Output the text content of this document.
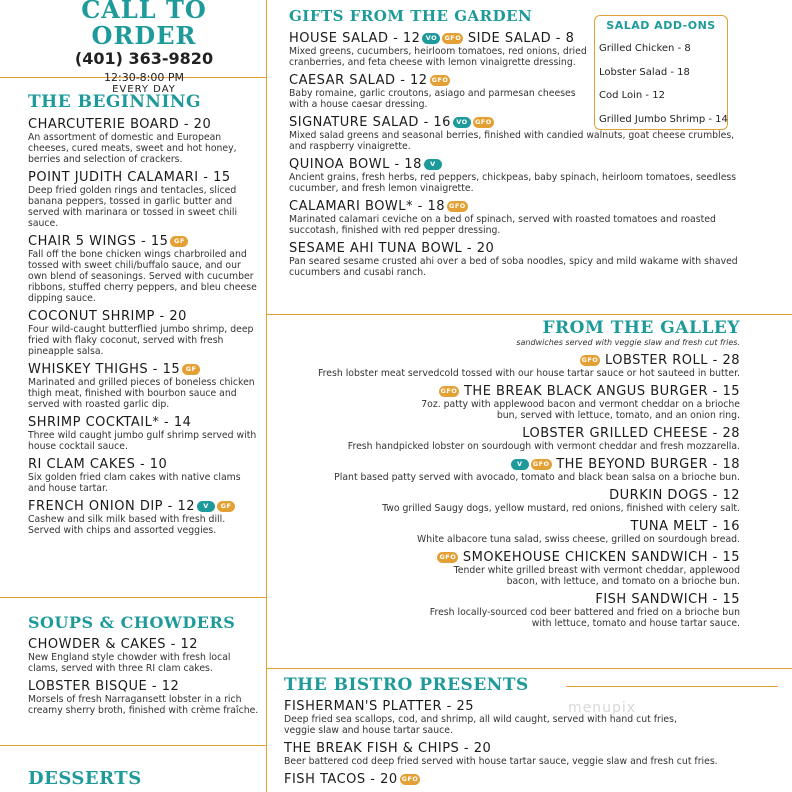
menupix
CALL TO ORDER
(401) 363-9820
12:30-8:00 PM
EVERY DAY
THE BEGINNING
CHARCUTERIE BOARD - 20
An assortment of domestic and European cheeses, cured meats, sweet and hot honey, berries and selection of crackers.
POINT JUDITH CALAMARI - 15
Deep fried golden rings and tentacles, sliced banana peppers, tossed in garlic butter and served with marinara or tossed in sweet chili sauce.
CHAIR 5 WINGS - 15 GF
Fall off the bone chicken wings charbroiled and tossed with sweet chili/buffalo sauce, and our own blend of seasonings. Served with cucumber ribbons, stuffed cherry peppers, and bleu cheese dipping sauce.
COCONUT SHRIMP - 20
Four wild-caught butterflied jumbo shrimp, deep fried with flaky coconut, served with fresh pineapple salsa.
WHISKEY THIGHS - 15 GF
Marinated and grilled pieces of boneless chicken thigh meat, finished with bourbon sauce and served with roasted garlic dip.
SHRIMP COCKTAIL* - 14
Three wild caught jumbo gulf shrimp served with house cocktail sauce.
RI CLAM CAKES - 10
Six golden fried clam cakes with native clams and house tartar.
FRENCH ONION DIP - 12 V GF
Cashew and silk milk based with fresh dill. Served with chips and assorted veggies.
SOUPS & CHOWDERS
CHOWDER & CAKES - 12
New England style chowder with fresh local clams, served with three RI clam cakes.
LOBSTER BISQUE - 12
Morsels of fresh Narragansett lobster in a rich creamy sherry broth, finished with crème fraîche.
DESSERTS
GIFTS FROM THE GARDEN
HOUSE SALAD - 12 VO GFO SIDE SALAD - 8
Mixed greens, cucumbers, heirloom tomatoes, red onions, dried cranberries, and feta cheese with lemon vinaigrette dressing.
CAESAR SALAD - 12 GFO
Baby romaine, garlic croutons, asiago and parmesan cheeses with a house caesar dressing.
SIGNATURE SALAD - 16 VO GFO
Mixed salad greens and seasonal berries, finished with candied walnuts, goat cheese crumbles, and raspberry vinaigrette.
QUINOA BOWL - 18 V
Ancient grains, fresh herbs, red peppers, chickpeas, baby spinach, heirloom tomatoes, seedless cucumber, and fresh lemon vinaigrette.
CALAMARI BOWL* - 18 GFO
Marinated calamari ceviche on a bed of spinach, served with roasted tomatoes and roasted succotash, finished with red pepper dressing.
SESAME AHI TUNA BOWL - 20
Pan seared sesame crusted ahi over a bed of soba noodles, spicy and mild wakame with shaved cucumbers and cusabi ranch.
SALAD ADD-ONS
Grilled Chicken - 8
Lobster Salad - 18
Cod Loin - 12
Grilled Jumbo Shrimp - 14
FROM THE GALLEY
sandwiches served with veggie slaw and fresh cut fries.
GFO LOBSTER ROLL - 28
Fresh lobster meat servedcold tossed with our house tartar sauce or hot sauteed in butter.
GFO THE BREAK BLACK ANGUS BURGER - 15
7oz. patty with applewood bacon and vermont cheddar on a brioche bun, served with lettuce, tomato, and an onion ring.
LOBSTER GRILLED CHEESE - 28
Fresh handpicked lobster on sourdough with vermont cheddar and fresh mozzarella.
V GFO THE BEYOND BURGER - 18
Plant based patty served with avocado, tomato and black bean salsa on a brioche bun.
DURKIN DOGS - 12
Two grilled Saugy dogs, yellow mustard, red onions, finished with celery salt.
TUNA MELT - 16
White albacore tuna salad, swiss cheese, grilled on sourdough bread.
GFO SMOKEHOUSE CHICKEN SANDWICH - 15
Tender white grilled breast with vermont cheddar, applewood bacon, with lettuce, and tomato on a brioche bun.
FISH SANDWICH - 15
Fresh locally-sourced cod beer battered and fried on a brioche bun with lettuce, tomato and house tartar sauce.
THE BISTRO PRESENTS
FISHERMAN'S PLATTER - 25
Deep fried sea scallops, cod, and shrimp, all wild caught, served with hand cut fries, veggie slaw and house tartar sauce.
THE BREAK FISH & CHIPS - 20
Beer battered cod deep fried served with house tartar sauce, veggie slaw and fresh cut fries.
FISH TACOS - 20 GFO
